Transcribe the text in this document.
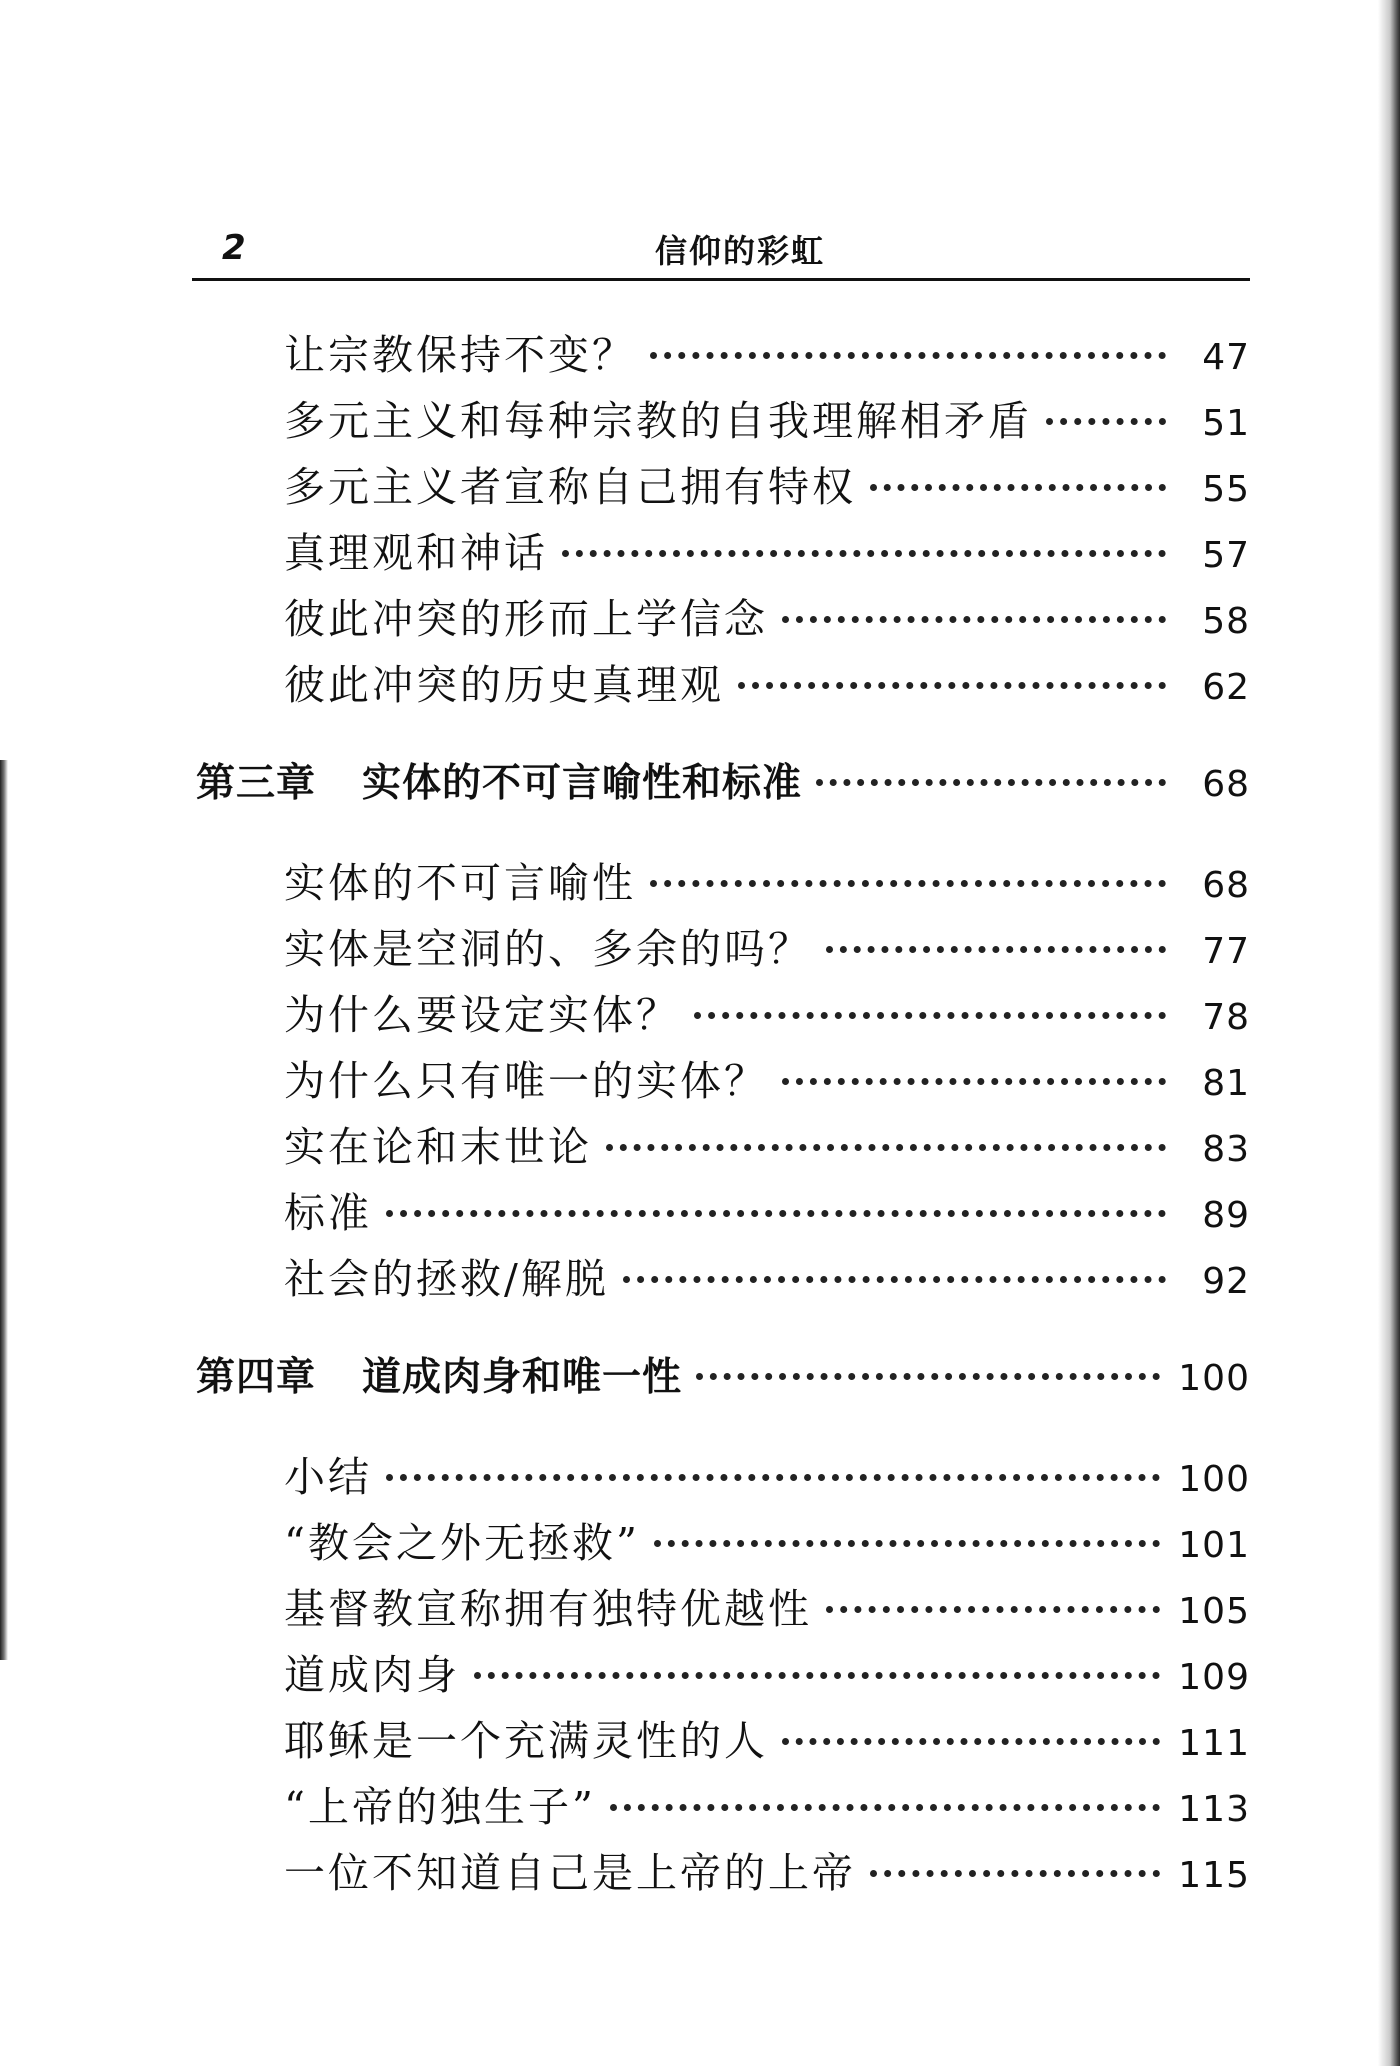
2	信仰的彩虹
让宗教保持不变？	47
多元主义和每种宗教的自我理解相矛盾	51
多元主义者宣称自己拥有特权	55
真理观和神话	57
彼此冲突的形而上学信念	58
彼此冲突的历史真理观	62
第三章 实体的不可言喻性和标准	68
实体的不可言喻性	68
实体是空洞的、多余的吗？	77
为什么要设定实体？	78
为什么只有唯一的实体？	81
实在论和末世论	83
标准	89
社会的拯救/解脱	92
第四章 道成肉身和唯一性	100
小结	100
“教会之外无拯救”	101
基督教宣称拥有独特优越性	105
道成肉身	109
耶稣是一个充满灵性的人	111
“上帝的独生子”	113
一位不知道自己是上帝的上帝	115
